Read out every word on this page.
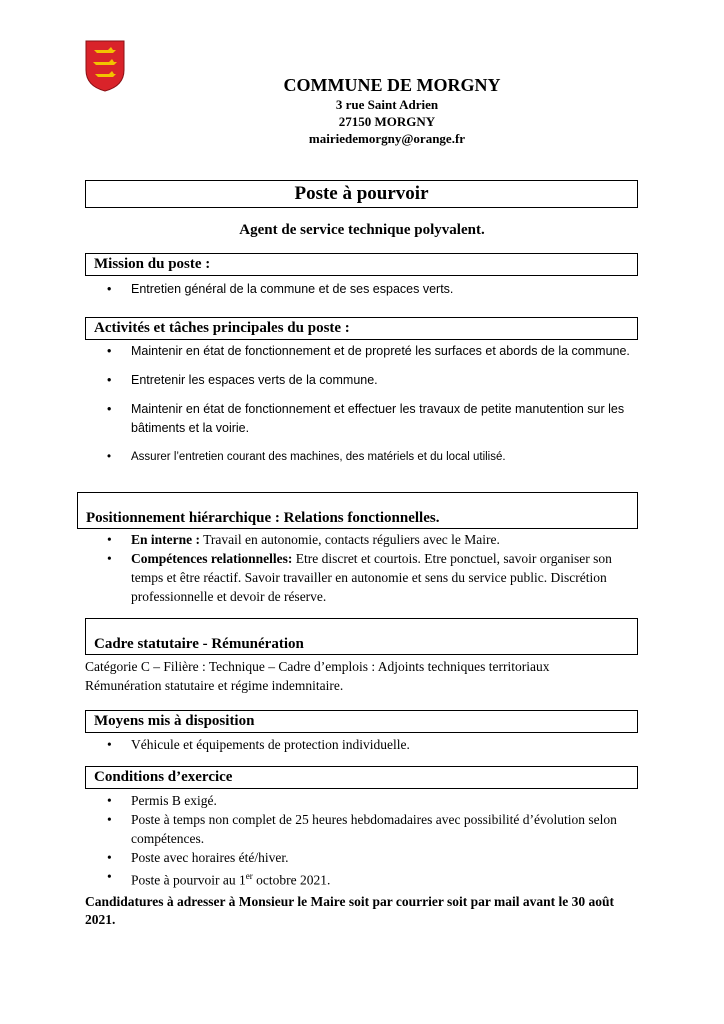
COMMUNE DE MORGNY
3 rue Saint Adrien
27150 MORGNY
mairiedemorgny@orange.fr
Poste à pourvoir
Agent de service technique polyvalent.
Mission du poste :
• Entretien général de la commune et de ses espaces verts.
Activités et tâches principales du poste :
• Maintenir en état de fonctionnement et de propreté les surfaces et abords de la commune.
• Entretenir les espaces verts de la commune.
• Maintenir en état de fonctionnement et effectuer les travaux de petite manutention sur les bâtiments et la voirie.
• Assurer l’entretien courant des machines, des matériels et du local utilisé.
Positionnement hiérarchique : Relations fonctionnelles.
• En interne : Travail en autonomie, contacts réguliers avec le Maire.
• Compétences relationnelles: Etre discret et courtois. Etre ponctuel, savoir organiser son temps et être réactif. Savoir travailler en autonomie et sens du service public. Discrétion professionnelle et devoir de réserve.
Cadre statutaire - Rémunération
Catégorie C – Filière : Technique – Cadre d’emplois : Adjoints techniques territoriaux
Rémunération statutaire et régime indemnitaire.
Moyens mis à disposition
• Véhicule et équipements de protection individuelle.
Conditions d’exercice
• Permis B exigé.
• Poste à temps non complet de 25 heures hebdomadaires avec possibilité d’évolution selon compétences.
• Poste avec horaires été/hiver.
• Poste à pourvoir au 1er octobre 2021.
Candidatures à adresser à Monsieur le Maire soit par courrier soit par mail avant le 30 août 2021.
